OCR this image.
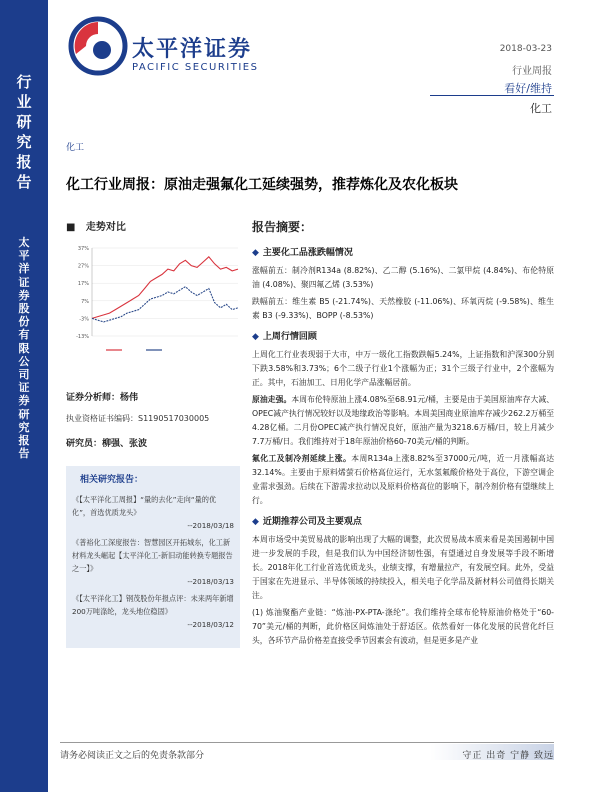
行
业
研
究
报
告
太
平
洋
证
券
股
份
有
限
公
司
证
券
研
究
报
告
太平洋证券
PACIFIC SECURITIES
2018-03-23
行业周报
看好/维持
化工
化工
化工行业周报：原油走强氟化工延续强势，推荐炼化及农化板块
■ 走势对比
37%
27%
17%
7%
-3%
-13%
证券分析师：杨伟
执业资格证书编码：S1190517030005
研究员：柳强、张波
相关研究报告：
《【太平洋化工周报】“量的去化”走向“量的优化”，首选优质龙头》
--2018/03/18
《普裕化工深度报告：智慧园区开拓城东，化工新材料龙头崛起【太平洋化工-新旧动能转换专题报告之一】》
--2018/03/13
《【太平洋化工】钢茂股份年报点评：未来两年新增200万吨涤纶，龙头地位稳固》
--2018/03/12
报告摘要：
◆ 主要化工品涨跌幅情况
涨幅前五：制冷剂R134a (8.82%)、乙二醇 (5.16%)、二氯甲烷 (4.84%)、布伦特原油 (4.08%)、聚四氟乙烯 (3.53%)
跌幅前五：维生素 B5 (-21.74%)、天然橡胶 (-11.06%)、环氧丙烷 (-9.58%)、维生素 B3 (-9.33%)、BOPP (-8.53%)
◆ 上周行情回顾
上周化工行业表现弱于大市，中万一级化工指数跌幅5.24%，上证指数和沪深300分别下跌3.58%和3.73%；6个二级子行业1个涨幅为正；31个三级子行业中，2个涨幅为正。其中，石油加工、日用化学产品涨幅居前。
原油走强。本周布伦特原油上涨4.08%至68.91元/桶，主要是由于美国原油库存大减、OPEC减产执行情况较好以及地缘政治等影响。本周美国商业原油库存减少262.2万桶至4.28亿桶。二月份OPEC减产执行情况良好，原油产量为3218.6万桶/日，较上月减少7.7万桶/日。我们维持对于18年原油价格60-70美元/桶的判断。
氟化工及制冷剂延续上涨。本周R134a上涨8.82%至37000元/吨，近一月涨幅高达32.14%。主要由于原料烯萤石价格高位运行，无水氢氟酸价格处于高位，下游空调企业需求强劲。后续在下游需求拉动以及原料价格高位的影响下，制冷剂价格有望继续上行。
◆ 近期推荐公司及主要观点
本周市场受中美贸易战的影响出现了大幅的调整，此次贸易战本质来看是美国遏制中国进一步发展的手段，但是我们认为中国经济韧性强，有望通过自身发展等手段不断增长。2018年化工行业首选优质龙头，业绩支撑，有增量拉产，有发展空间。此外，受益于国家在先进显示、半导体领域的持续投入，相关电子化学品及新材料公司值得长期关注。
(1) 炼油聚酯产业链：“炼油-PX-PTA-涤纶”。我们维持全球布伦特原油价格处于“60-70”美元/桶的判断，此价格区间炼油处于舒适区。依然看好一体化发展的民营化纤巨头，各环节产品价格差直接受季节因素会有波动，但是更多是产业
请务必阅读正文之后的免责条款部分	守正 出奇 宁静 致远
